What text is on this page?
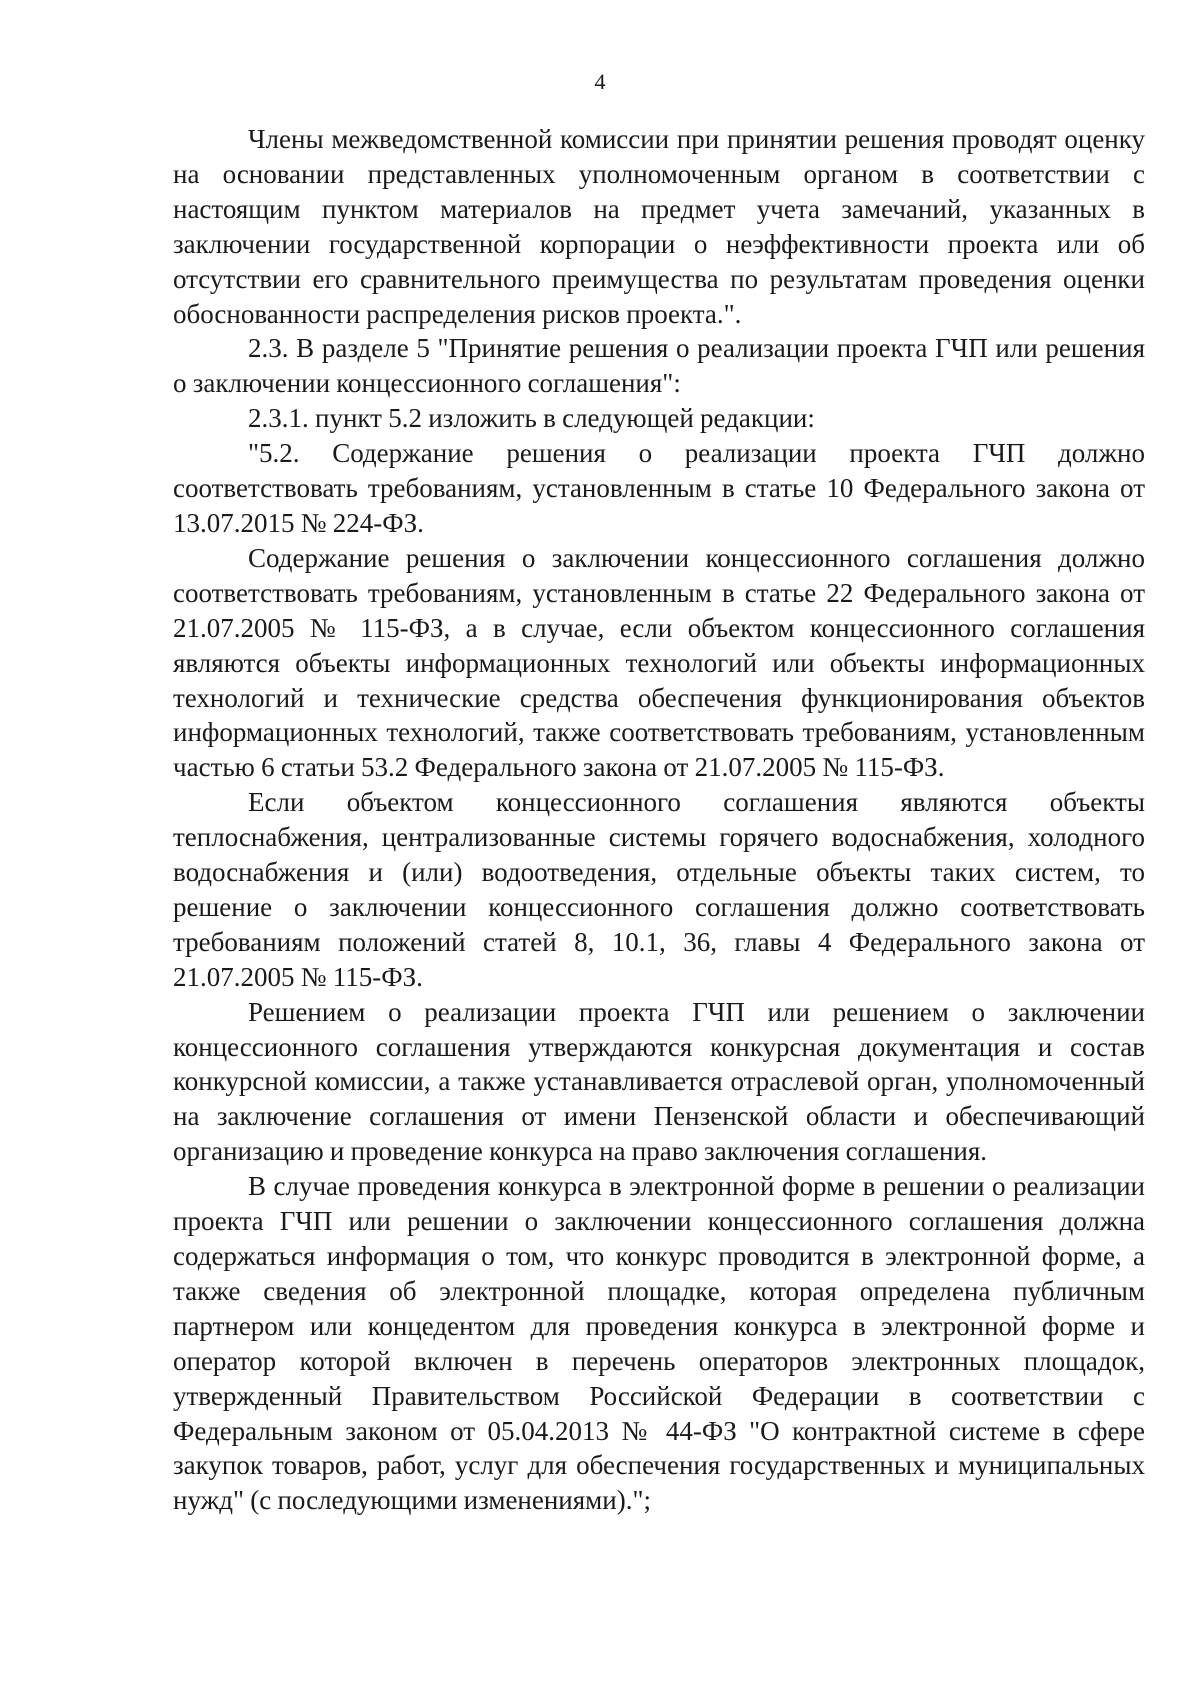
4

Члены межведомственной комиссии при принятии решения проводят оценку на основании представленных уполномоченным органом в соответствии с настоящим пунктом материалов на предмет учета замечаний, указанных в заключении государственной корпорации о неэффективности проекта или об отсутствии его сравнительного преимущества по результатам проведения оценки обоснованности распределения рисков проекта.".

2.3. В разделе 5 "Принятие решения о реализации проекта ГЧП или решения о заключении концессионного соглашения":

2.3.1. пункт 5.2 изложить в следующей редакции:

"5.2. Содержание решения о реализации проекта ГЧП должно соответствовать требованиям, установленным в статье 10 Федерального закона от 13.07.2015 № 224-ФЗ.

Содержание решения о заключении концессионного соглашения должно соответствовать требованиям, установленным в статье 22 Федерального закона от 21.07.2005 № 115-ФЗ, а в случае, если объектом концессионного соглашения являются объекты информационных технологий или объекты информационных технологий и технические средства обеспечения функционирования объектов информационных технологий, также соответствовать требованиям, установленным частью 6 статьи 53.2 Федерального закона от 21.07.2005 № 115-ФЗ.

Если объектом концессионного соглашения являются объекты теплоснабжения, централизованные системы горячего водоснабжения, холодного водоснабжения и (или) водоотведения, отдельные объекты таких систем, то решение о заключении концессионного соглашения должно соответствовать требованиям положений статей 8, 10.1, 36, главы 4 Федерального закона от 21.07.2005 № 115-ФЗ.

Решением о реализации проекта ГЧП или решением о заключении концессионного соглашения утверждаются конкурсная документация и состав конкурсной комиссии, а также устанавливается отраслевой орган, уполномоченный на заключение соглашения от имени Пензенской области и обеспечивающий организацию и проведение конкурса на право заключения соглашения.

В случае проведения конкурса в электронной форме в решении о реализации проекта ГЧП или решении о заключении концессионного соглашения должна содержаться информация о том, что конкурс проводится в электронной форме, а также сведения об электронной площадке, которая определена публичным партнером или концедентом для проведения конкурса в электронной форме и оператор которой включен в перечень операторов электронных площадок, утвержденный Правительством Российской Федерации в соответствии с Федеральным законом от 05.04.2013 № 44-ФЗ "О контрактной системе в сфере закупок товаров, работ, услуг для обеспечения государственных и муниципальных нужд" (с последующими изменениями).";
